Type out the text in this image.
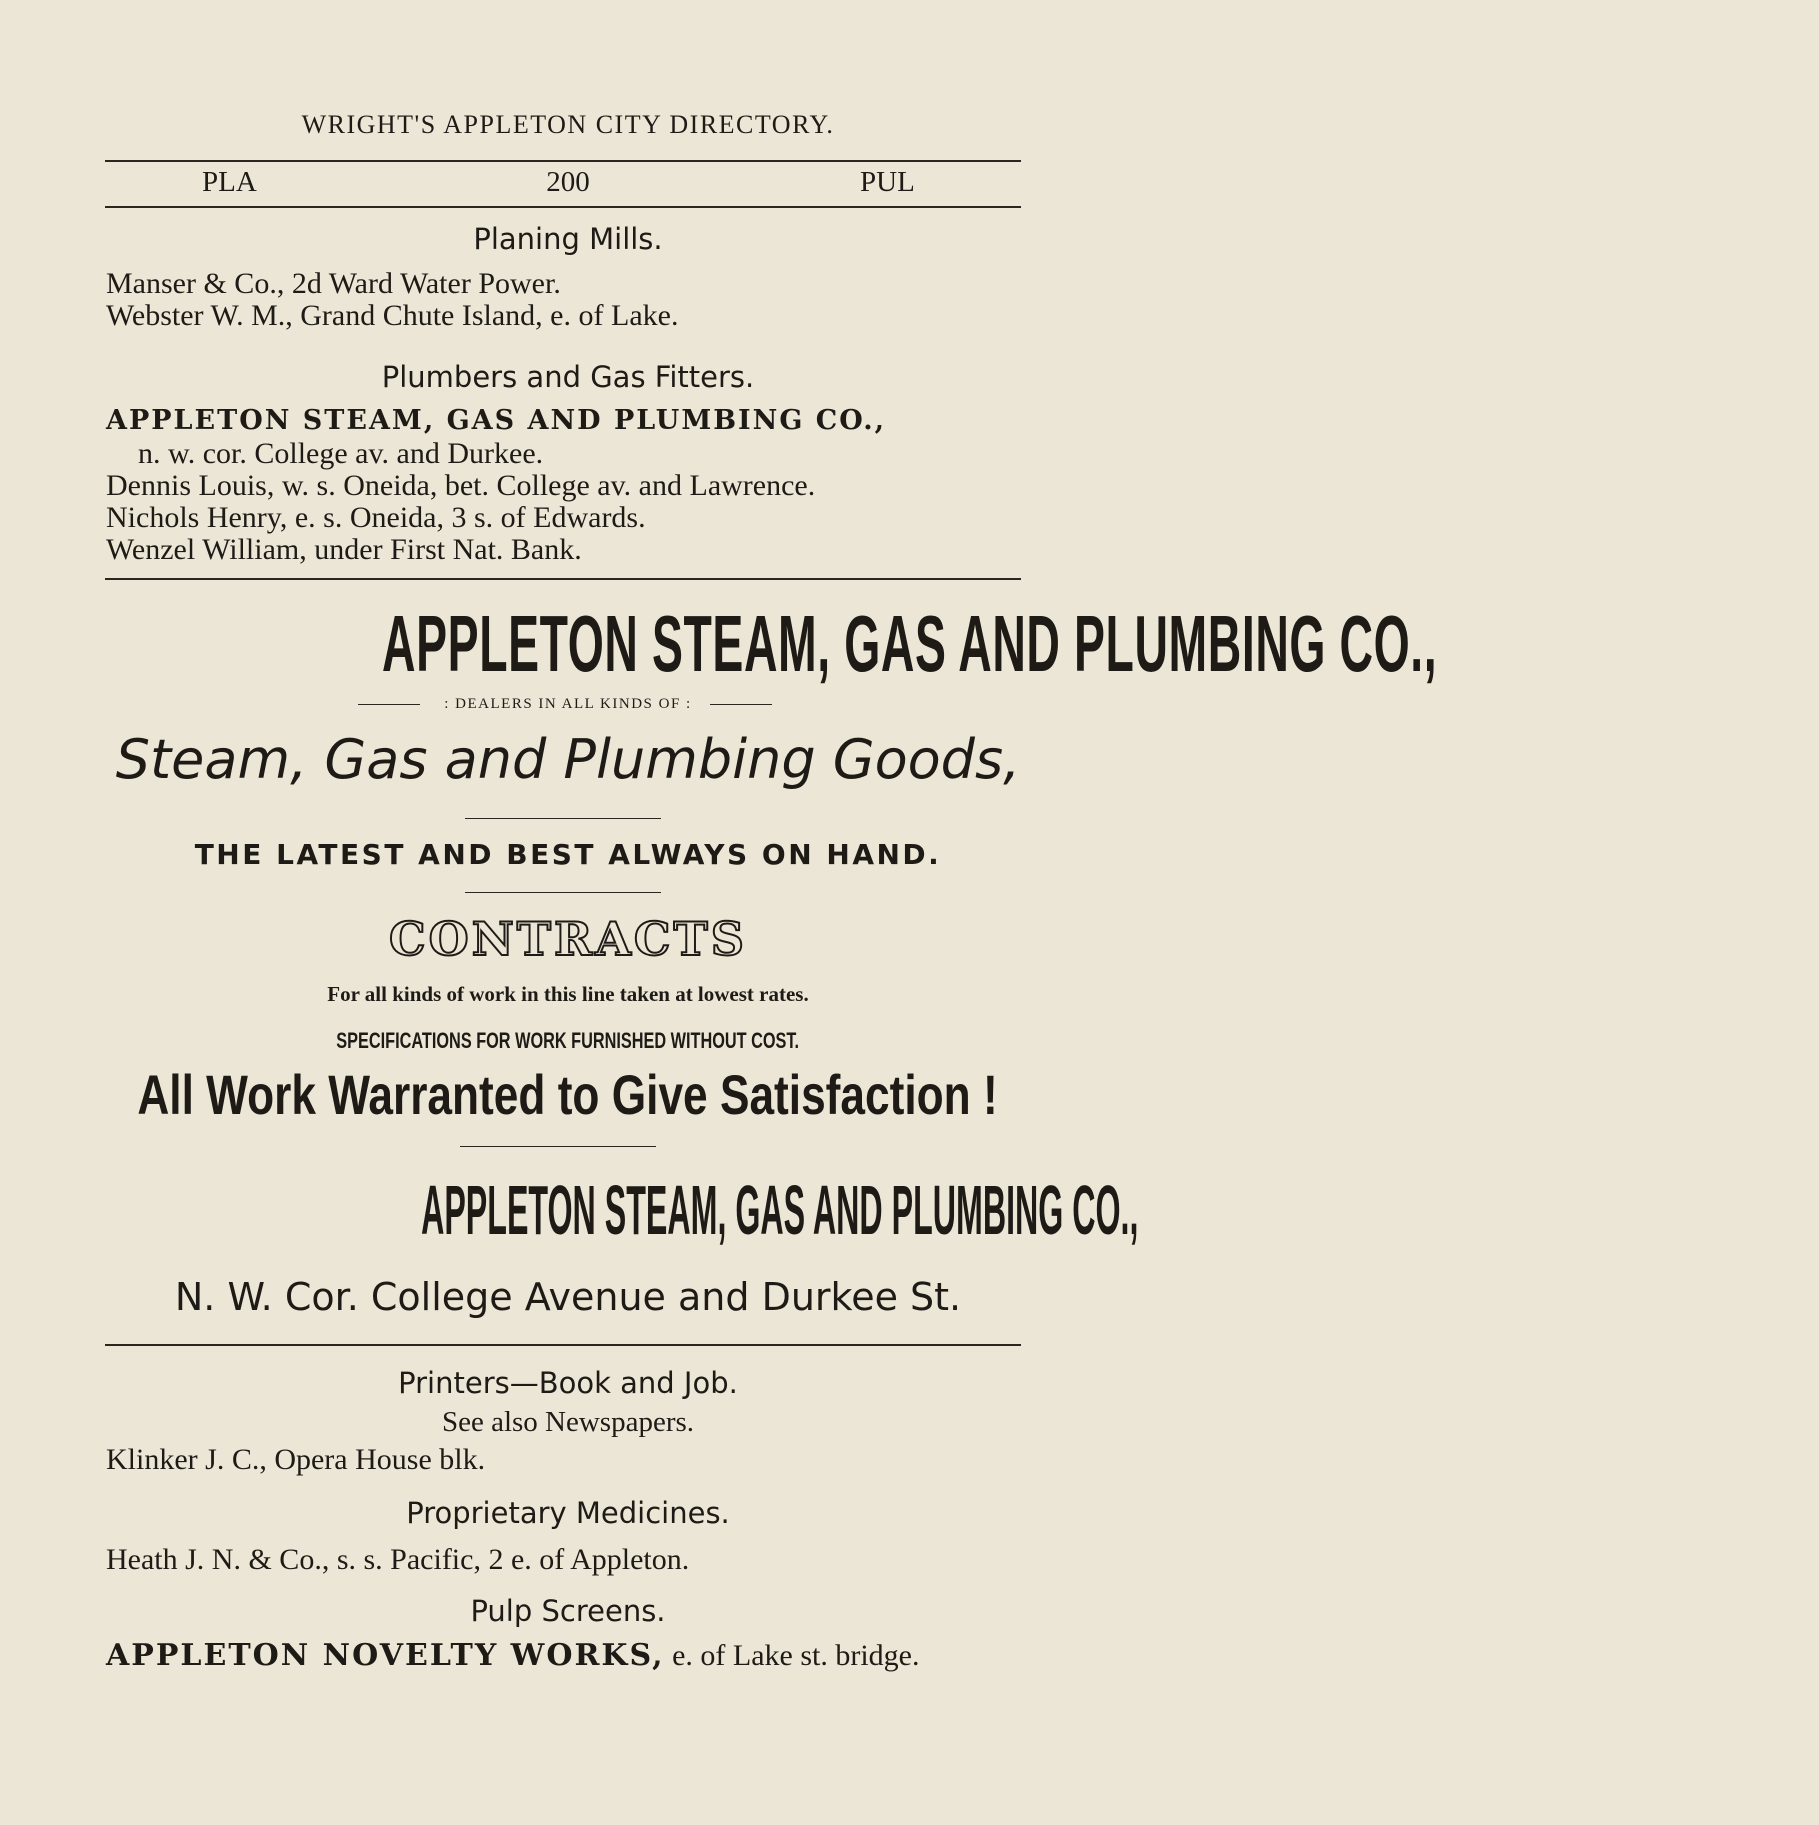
WRIGHT'S APPLETON CITY DIRECTORY.
PLA	200	PUL
Planing Mills.
Manser & Co., 2d Ward Water Power.
Webster W. M., Grand Chute Island, e. of Lake.
Plumbers and Gas Fitters.
APPLETON STEAM, GAS AND PLUMBING CO.,
n. w. cor. College av. and Durkee.
Dennis Louis, w. s. Oneida, bet. College av. and Lawrence.
Nichols Henry, e. s. Oneida, 3 s. of Edwards.
Wenzel William, under First Nat. Bank.
APPLETON STEAM, GAS AND PLUMBING CO.,
: DEALERS IN ALL KINDS OF :
Steam, Gas and Plumbing Goods,
THE LATEST AND BEST ALWAYS ON HAND.
CONTRACTS
For all kinds of work in this line taken at lowest rates.
SPECIFICATIONS FOR WORK FURNISHED WITHOUT COST.
All Work Warranted to Give Satisfaction !
APPLETON STEAM, GAS AND PLUMBING CO.,
N. W. Cor. College Avenue and Durkee St.
Printers—Book and Job.
See also Newspapers.
Klinker J. C., Opera House blk.
Proprietary Medicines.
Heath J. N. & Co., s. s. Pacific, 2 e. of Appleton.
Pulp Screens.
APPLETON NOVELTY WORKS, e. of Lake st. bridge.
